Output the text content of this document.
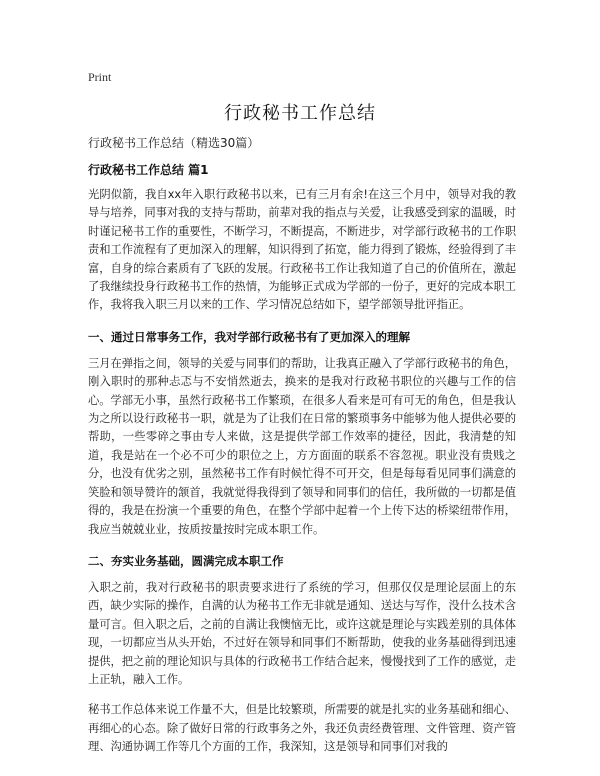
Print
行政秘书工作总结

行政秘书工作总结（精选30篇）

行政秘书工作总结 篇1

光阴似箭，我自xx年入职行政秘书以来，已有三月有余!在这三个月中，领导对我的教导与培养，同事对我的支持与帮助，前辈对我的指点与关爱，让我感受到家的温暖，时时谨记秘书工作的重要性，不断学习，不断提高，不断进步，对学部行政秘书的工作职责和工作流程有了更加深入的理解，知识得到了拓宽，能力得到了锻炼，经验得到了丰富，自身的综合素质有了飞跃的发展。行政秘书工作让我知道了自己的价值所在，激起了我继续投身行政秘书工作的热情，为能够正式成为学部的一份子，更好的完成本职工作，我将我入职三月以来的工作、学习情况总结如下，望学部领导批评指正。

一、通过日常事务工作，我对学部行政秘书有了更加深入的理解

三月在弹指之间，领导的关爱与同事们的帮助，让我真正融入了学部行政秘书的角色，刚入职时的那种忐忑与不安悄然逝去，换来的是我对行政秘书职位的兴趣与工作的信心。学部无小事，虽然行政秘书工作繁琐，在很多人看来是可有可无的角色，但是我认为之所以设行政秘书一职，就是为了让我们在日常的繁琐事务中能够为他人提供必要的帮助，一些零碎之事由专人来做，这是提供学部工作效率的捷径，因此，我清楚的知道，我是站在一个必不可少的职位之上，方方面面的联系不容忽视。职业没有贵贱之分，也没有优劣之别，虽然秘书工作有时候忙得不可开交，但是每每看见同事们满意的笑脸和领导赞许的颔首，我就觉得我得到了领导和同事们的信任，我所做的一切都是值得的，我是在扮演一个重要的角色，在整个学部中起着一个上传下达的桥梁纽带作用，我应当兢兢业业，按质按量按时完成本职工作。

二、夯实业务基础，圆满完成本职工作

入职之前，我对行政秘书的职责要求进行了系统的学习，但那仅仅是理论层面上的东西，缺少实际的操作，自满的认为秘书工作无非就是通知、送达与写作，没什么技术含量可言。但入职之后，之前的自满让我懊恼无比，或许这就是理论与实践差别的具体体现，一切都应当从头开始，不过好在领导和同事们不断帮助，使我的业务基础得到迅速提供，把之前的理论知识与具体的行政秘书工作结合起来，慢慢找到了工作的感觉，走上正轨，融入工作。

秘书工作总体来说工作量不大，但是比较繁琐，所需要的就是扎实的业务基础和细心、再细心的心态。除了做好日常的行政事务之外，我还负责经费管理、文件管理、资产管理、沟通协调工作等几个方面的工作，我深知，这是领导和同事们对我的
